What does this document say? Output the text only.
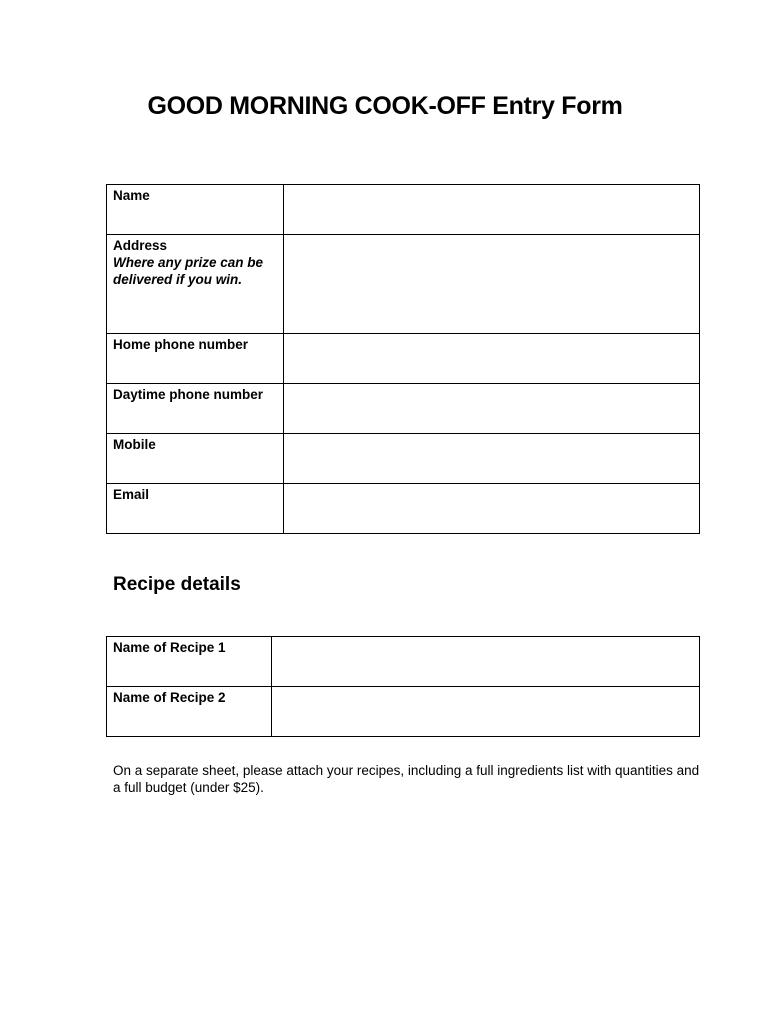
GOOD MORNING COOK-OFF Entry Form
Name	
Address
Where any prize can be delivered if you win.	

Home phone number	
Daytime phone number	
Mobile	
Email	
Recipe details
Name of Recipe 1	
Name of Recipe 2	
On a separate sheet, please attach your recipes, including a full ingredients list with quantities and a full budget (under $25).
